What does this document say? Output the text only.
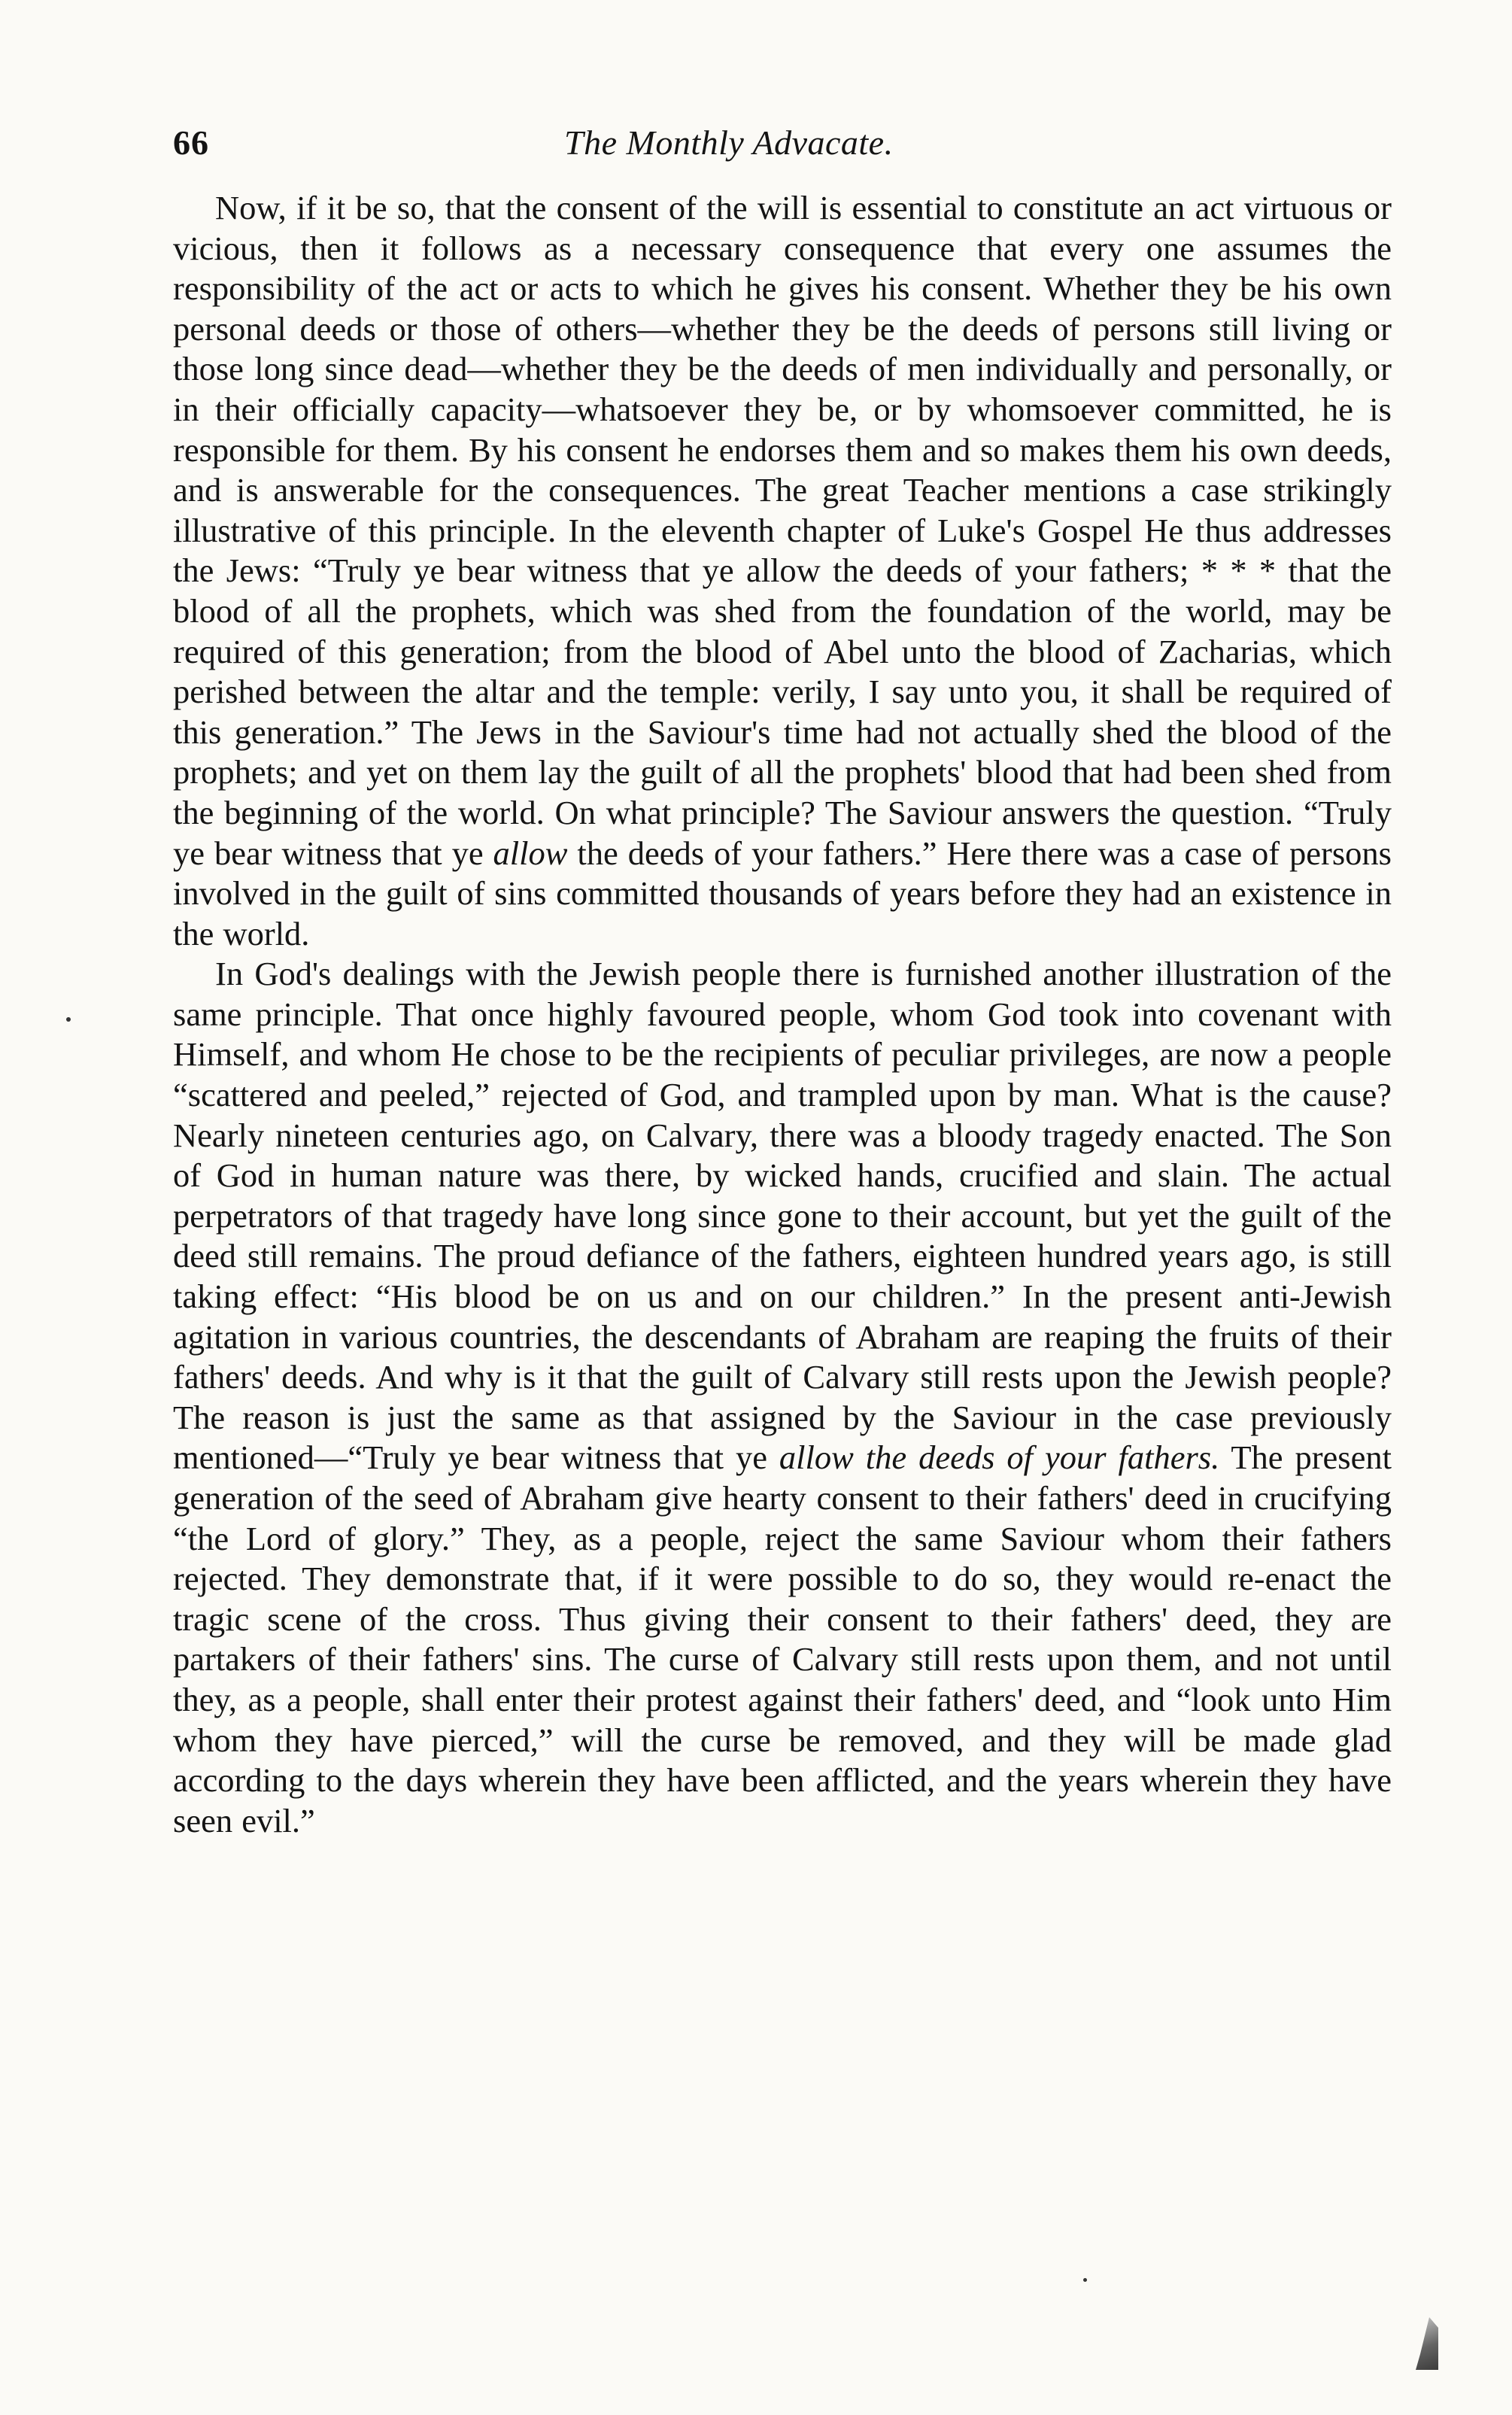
66	The Monthly Advacate.

Now, if it be so, that the consent of the will is essential to constitute an act virtuous or vicious, then it follows as a necessary consequence that every one assumes the responsibility of the act or acts to which he gives his consent. Whether they be his own personal deeds or those of others—whether they be the deeds of persons still living or those long since dead—whether they be the deeds of men individually and personally, or in their officially capacity—whatsoever they be, or by whomsoever committed, he is responsible for them. By his consent he endorses them and so makes them his own deeds, and is answerable for the consequences. The great Teacher mentions a case strikingly illustrative of this principle. In the eleventh chapter of Luke's Gospel He thus addresses the Jews: “Truly ye bear witness that ye allow the deeds of your fathers; * * * that the blood of all the prophets, which was shed from the foundation of the world, may be required of this generation; from the blood of Abel unto the blood of Zacharias, which perished between the altar and the temple: verily, I say unto you, it shall be required of this generation.” The Jews in the Saviour's time had not actually shed the blood of the prophets; and yet on them lay the guilt of all the prophets' blood that had been shed from the beginning of the world. On what principle? The Saviour answers the question. “Truly ye bear witness that ye allow the deeds of your fathers.” Here there was a case of persons involved in the guilt of sins committed thousands of years before they had an existence in the world.

In God's dealings with the Jewish people there is furnished another illustration of the same principle. That once highly favoured people, whom God took into covenant with Himself, and whom He chose to be the recipients of peculiar privileges, are now a people “scattered and peeled,” rejected of God, and trampled upon by man. What is the cause? Nearly nineteen centuries ago, on Calvary, there was a bloody tragedy enacted. The Son of God in human nature was there, by wicked hands, crucified and slain. The actual perpetrators of that tragedy have long since gone to their account, but yet the guilt of the deed still remains. The proud defiance of the fathers, eighteen hundred years ago, is still taking effect: “His blood be on us and on our children.” In the present anti-Jewish agitation in various countries, the descendants of Abraham are reaping the fruits of their fathers' deeds. And why is it that the guilt of Calvary still rests upon the Jewish people? The reason is just the same as that assigned by the Saviour in the case previously mentioned—“Truly ye bear witness that ye allow the deeds of your fathers. The present generation of the seed of Abraham give hearty consent to their fathers' deed in crucifying “the Lord of glory.” They, as a people, reject the same Saviour whom their fathers rejected. They demonstrate that, if it were possible to do so, they would re-enact the tragic scene of the cross. Thus giving their consent to their fathers' deed, they are partakers of their fathers' sins. The curse of Calvary still rests upon them, and not until they, as a people, shall enter their protest against their fathers' deed, and “look unto Him whom they have pierced,” will the curse be removed, and they will be made glad according to the days wherein they have been afflicted, and the years wherein they have seen evil.”
